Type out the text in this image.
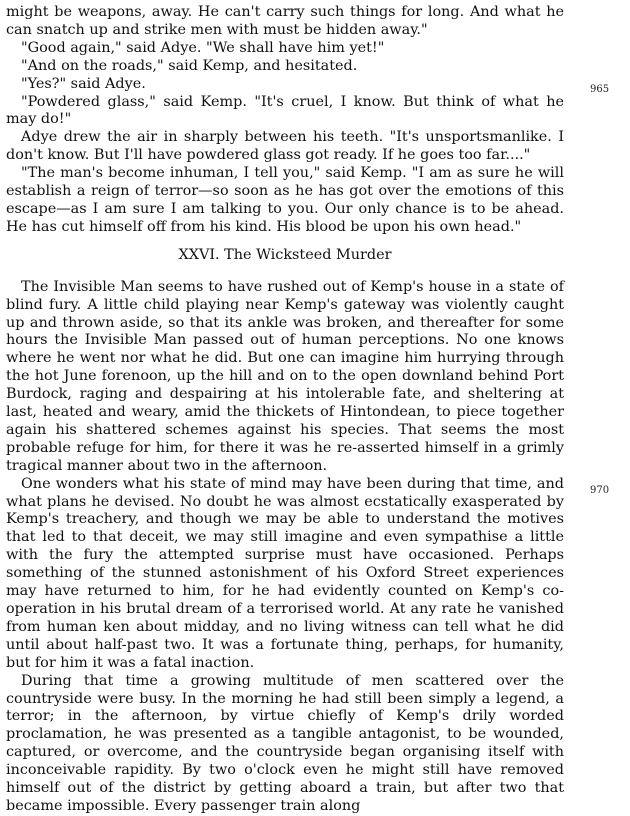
might be weapons, away. He can't carry such things for long. And what he can snatch up and strike men with must be hidden away."

"Good again," said Adye. "We shall have him yet!"

"And on the roads," said Kemp, and hesitated.

"Yes?" said Adye.

"Powdered glass," said Kemp. "It's cruel, I know. But think of what he may do!"

Adye drew the air in sharply between his teeth. "It's unsportsmanlike. I don't know. But I'll have powdered glass got ready. If he goes too far...."

"The man's become inhuman, I tell you," said Kemp. "I am as sure he will establish a reign of terror—so soon as he has got over the emotions of this escape—as I am sure I am talking to you. Our only chance is to be ahead. He has cut himself off from his kind. His blood be upon his own head."

XXVI. The Wicksteed Murder

The Invisible Man seems to have rushed out of Kemp's house in a state of blind fury. A little child playing near Kemp's gateway was violently caught up and thrown aside, so that its ankle was broken, and thereafter for some hours the Invisible Man passed out of human perceptions. No one knows where he went nor what he did. But one can imagine him hurrying through the hot June forenoon, up the hill and on to the open downland behind Port Burdock, raging and despairing at his intolerable fate, and sheltering at last, heated and weary, amid the thickets of Hintondean, to piece together again his shattered schemes against his species. That seems the most probable refuge for him, for there it was he re-asserted himself in a grimly tragical manner about two in the afternoon.

One wonders what his state of mind may have been during that time, and what plans he devised. No doubt he was almost ecstatically exasperated by Kemp's treachery, and though we may be able to understand the motives that led to that deceit, we may still imagine and even sympathise a little with the fury the attempted surprise must have occasioned. Perhaps something of the stunned astonishment of his Oxford Street experiences may have returned to him, for he had evidently counted on Kemp's co-operation in his brutal dream of a terrorised world. At any rate he vanished from human ken about midday, and no living witness can tell what he did until about half-past two. It was a fortunate thing, perhaps, for humanity, but for him it was a fatal inaction.

During that time a growing multitude of men scattered over the countryside were busy. In the morning he had still been simply a legend, a terror; in the afternoon, by virtue chiefly of Kemp's drily worded proclamation, he was presented as a tangible antagonist, to be wounded, captured, or overcome, and the countryside began organising itself with inconceivable rapidity. By two o'clock even he might still have removed himself out of the district by getting aboard a train, but after two that became impossible. Every passenger train along

965
970
